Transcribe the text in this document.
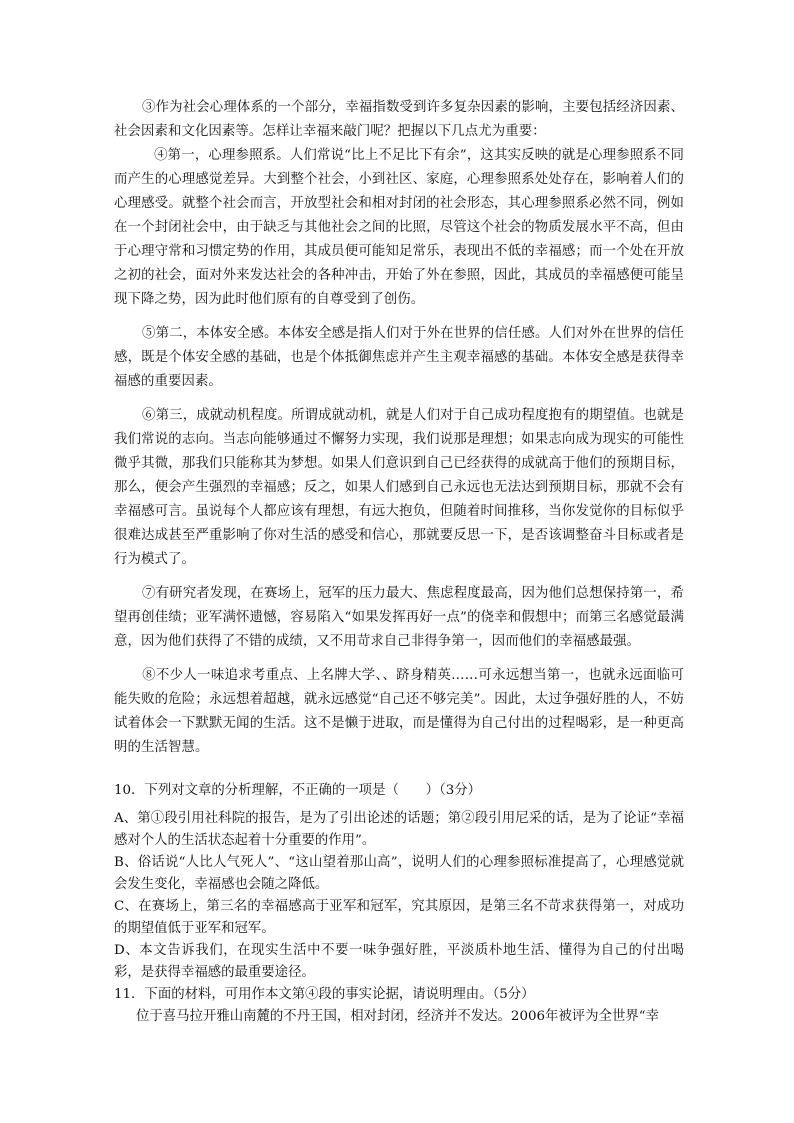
③作为社会心理体系的一个部分，幸福指数受到许多复杂因素的影响，主要包括经济因素、社会因素和文化因素等。怎样让幸福来敲门呢？把握以下几点尤为重要：

④第一，心理参照系。人们常说“比上不足比下有余”，这其实反映的就是心理参照系不同而产生的心理感觉差异。大到整个社会，小到社区、家庭，心理参照系处处存在，影响着人们的心理感受。就整个社会而言，开放型社会和相对封闭的社会形态，其心理参照系必然不同，例如在一个封闭社会中，由于缺乏与其他社会之间的比照，尽管这个社会的物质发展水平不高，但由于心理守常和习惯定势的作用，其成员便可能知足常乐，表现出不低的幸福感；而一个处在开放之初的社会，面对外来发达社会的各种冲击，开始了外在参照，因此，其成员的幸福感便可能呈现下降之势，因为此时他们原有的自尊受到了创伤。

⑤第二，本体安全感。本体安全感是指人们对于外在世界的信任感。人们对外在世界的信任感，既是个体安全感的基础，也是个体抵御焦虑并产生主观幸福感的基础。本体安全感是获得幸福感的重要因素。

⑥第三，成就动机程度。所谓成就动机，就是人们对于自己成功程度抱有的期望值。也就是我们常说的志向。当志向能够通过不懈努力实现，我们说那是理想；如果志向成为现实的可能性微乎其微，那我们只能称其为梦想。如果人们意识到自己已经获得的成就高于他们的预期目标，那么，便会产生强烈的幸福感；反之，如果人们感到自己永远也无法达到预期目标，那就不会有幸福感可言。虽说每个人都应该有理想，有远大抱负，但随着时间推移，当你发觉你的目标似乎很难达成甚至严重影响了你对生活的感受和信心，那就要反思一下，是否该调整奋斗目标或者是行为模式了。

⑦有研究者发现，在赛场上，冠军的压力最大、焦虑程度最高，因为他们总想保持第一，希望再创佳绩；亚军满怀遗憾，容易陷入“如果发挥再好一点”的侥幸和假想中；而第三名感觉最满意，因为他们获得了不错的成绩，又不用苛求自己非得争第一，因而他们的幸福感最强。

⑧不少人一味追求考重点、上名牌大学、、跻身精英……可永远想当第一，也就永远面临可能失败的危险；永远想着超越，就永远感觉“自己还不够完美”。因此，太过争强好胜的人，不妨试着体会一下默默无闻的生活。这不是懒于进取，而是懂得为自己付出的过程喝彩，是一种更高明的生活智慧。

10．下列对文章的分析理解，不正确的一项是（　　）（3分）

A、第①段引用社科院的报告，是为了引出论述的话题；第②段引用尼采的话，是为了论证“幸福感对个人的生活状态起着十分重要的作用”。

B、俗话说“人比人气死人”、“这山望着那山高”，说明人们的心理参照标准提高了，心理感觉就会发生变化，幸福感也会随之降低。

C、在赛场上，第三名的幸福感高于亚军和冠军，究其原因，是第三名不苛求获得第一，对成功的期望值低于亚军和冠军。

D、本文告诉我们，在现实生活中不要一味争强好胜，平淡质朴地生活、懂得为自己的付出喝彩，是获得幸福感的最重要途径。

11．下面的材料，可用作本文第④段的事实论据，请说明理由。（5分）

位于喜马拉开雅山南麓的不丹王国，相对封闭，经济并不发达。2006年被评为全世界“幸
